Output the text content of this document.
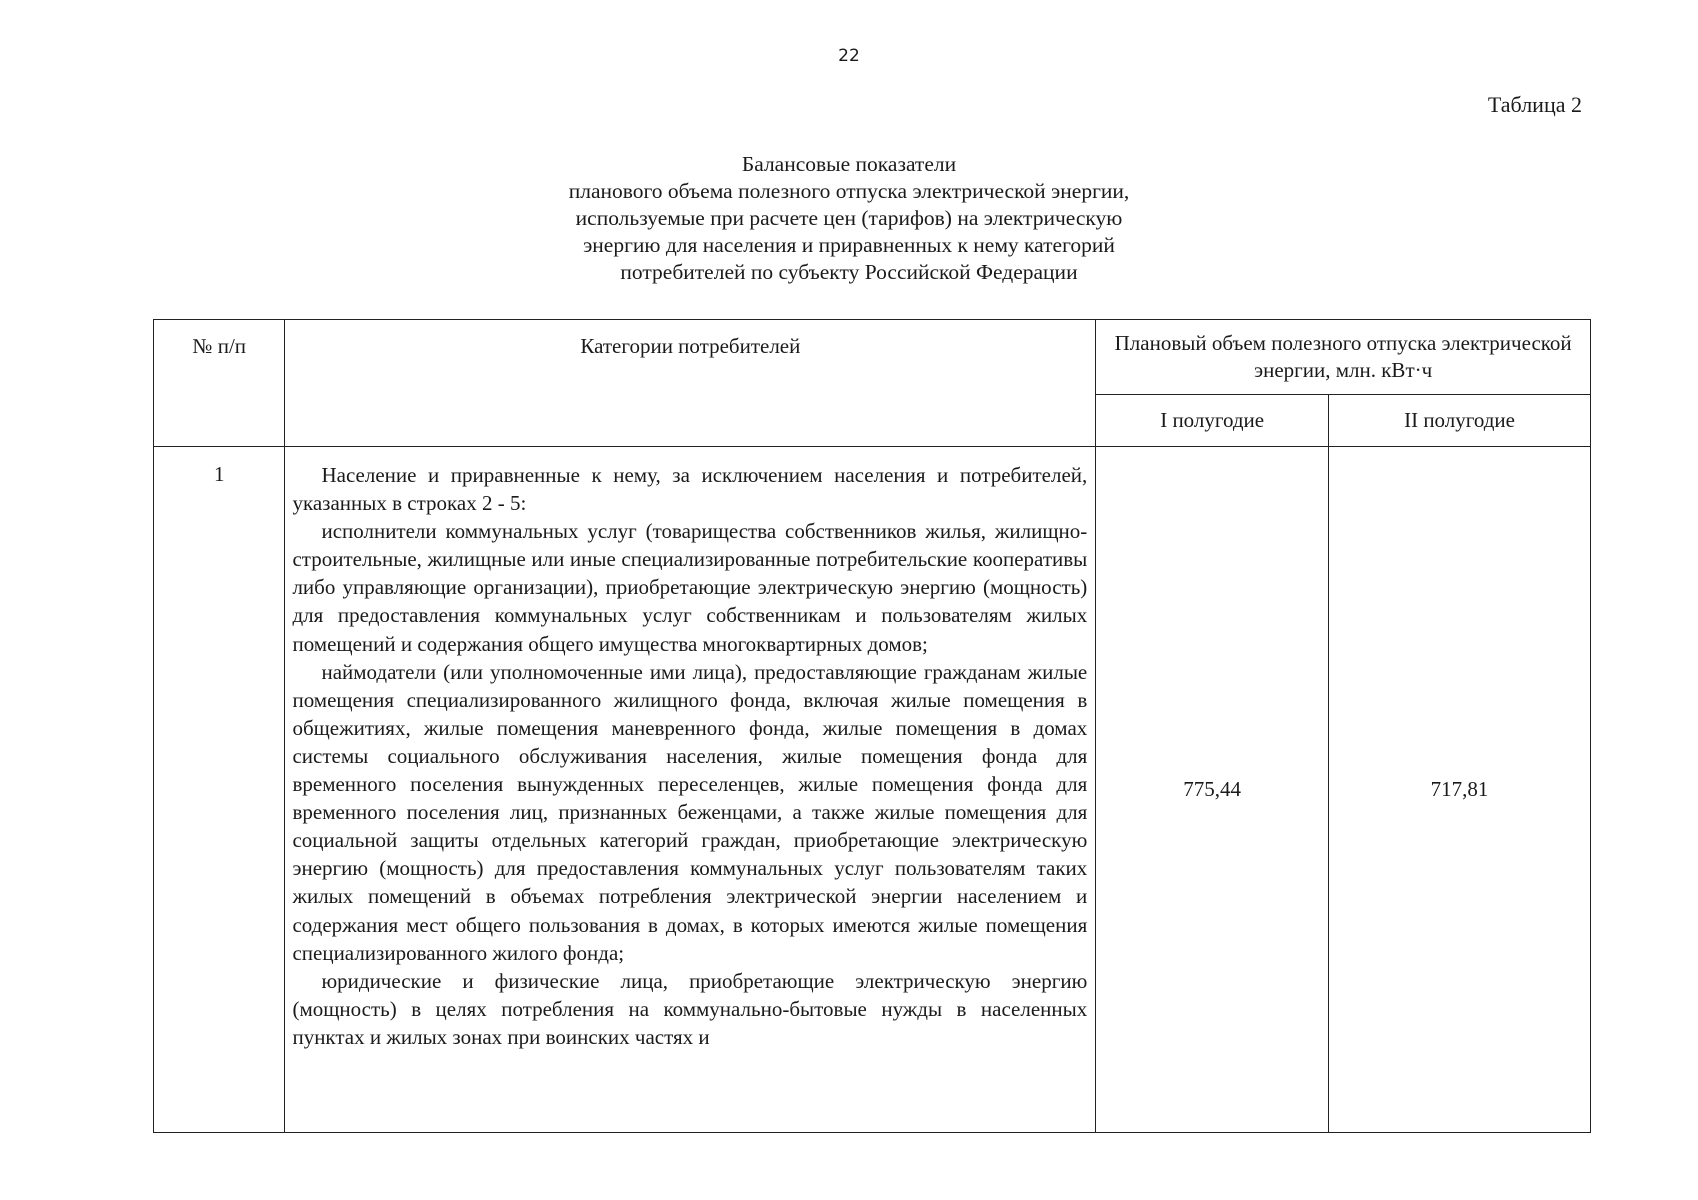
22
Таблица 2
Балансовые показатели
планового объема полезного отпуска электрической энергии,
используемые при расчете цен (тарифов) на электрическую
энергию для населения и приравненных к нему категорий
потребителей по субъекту Российской Федерации
№ п/п	Категории потребителей	Плановый объем полезного отпуска электрической энергии, млн. кВт·ч	
		I полугодие	II полугодие
1	Население и приравненные к нему, за исключением населения и потребителей, указанных в строках 2 - 5:

исполнители коммунальных услуг (товарищества собственников жилья, жилищно-строительные, жилищные или иные специализированные потребительские кооперативы либо управляющие организации), приобретающие электрическую энергию (мощность) для предоставления коммунальных услуг собственникам и пользователям жилых помещений и содержания общего имущества многоквартирных домов;

наймодатели (или уполномоченные ими лица), предоставляющие гражданам жилые помещения специализированного жилищного фонда, включая жилые помещения в общежитиях, жилые помещения маневренного фонда, жилые помещения в домах системы социального обслуживания населения, жилые помещения фонда для временного поселения вынужденных переселенцев, жилые помещения фонда для временного поселения лиц, признанных беженцами, а также жилые помещения для социальной защиты отдельных категорий граждан, приобретающие электрическую энергию (мощность) для предоставления коммунальных услуг пользователям таких жилых помещений в объемах потребления электрической энергии населением и содержания мест общего пользования в домах, в которых имеются жилые помещения специализированного жилого фонда;

юридические и физические лица, приобретающие электрическую энергию (мощность) в целях потребления на коммунально-бытовые нужды в населенных пунктах и жилых зонах при воинских частях и	775,44	717,81
